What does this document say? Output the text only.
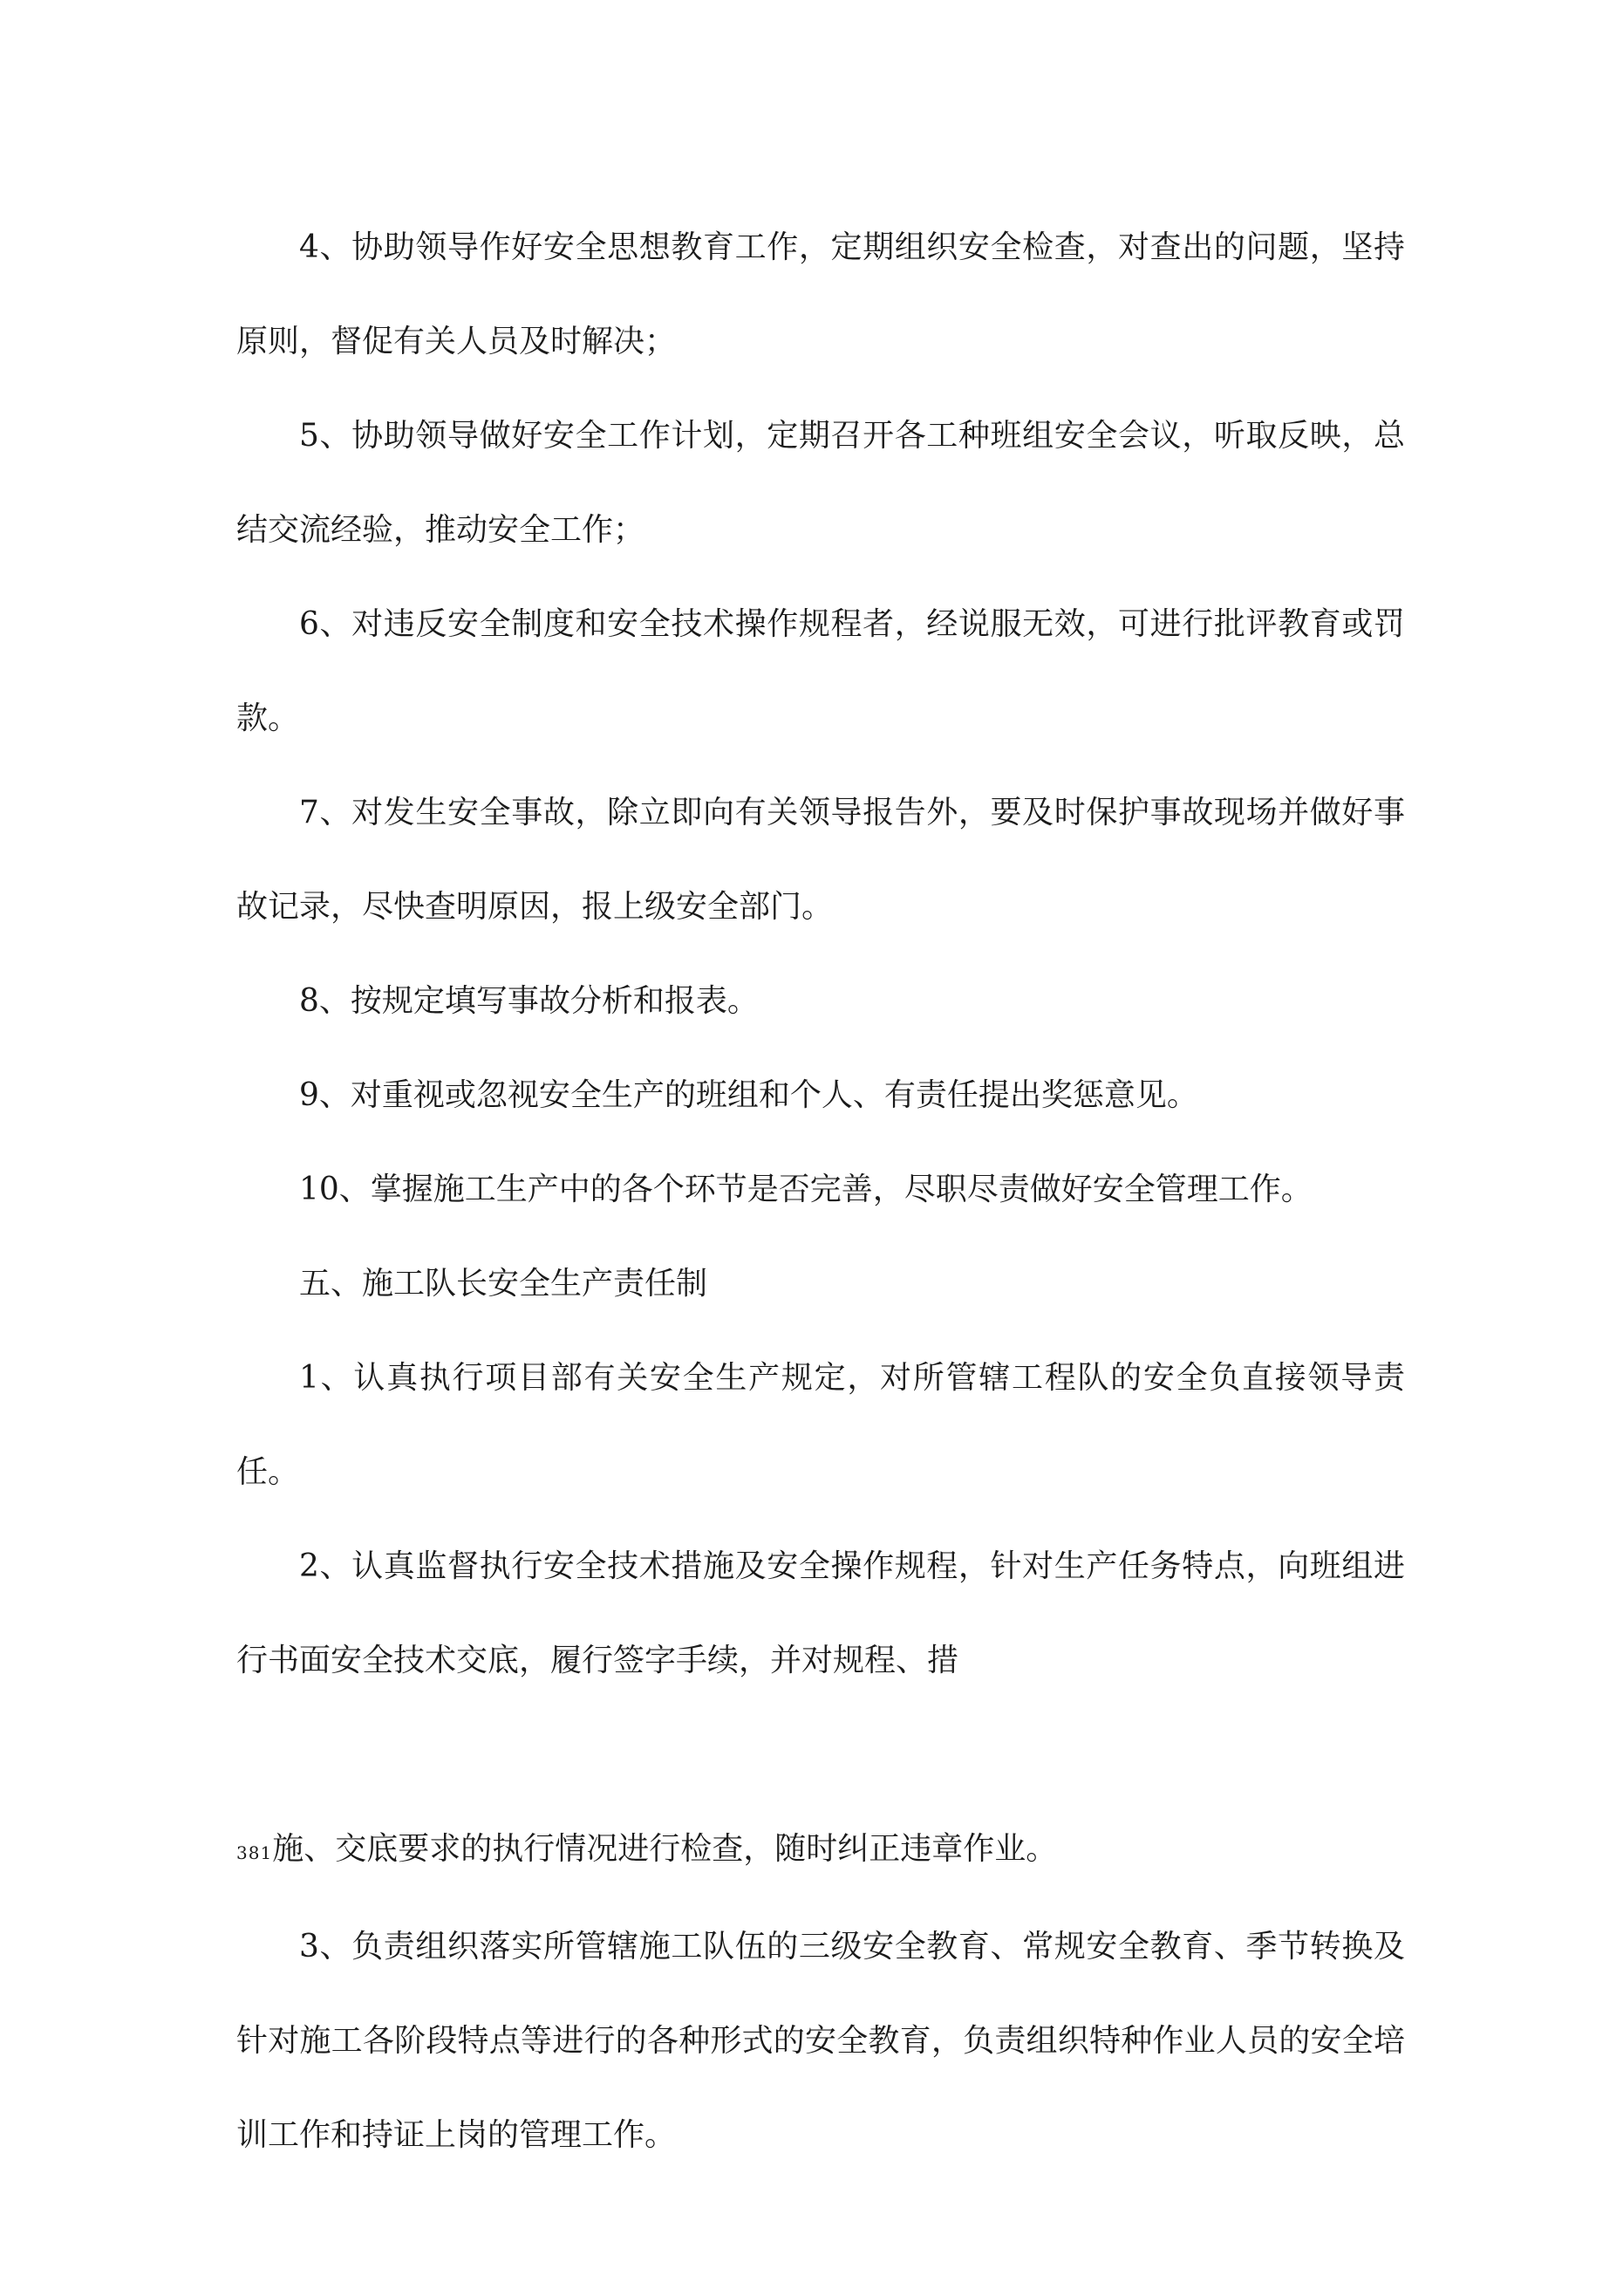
4、协助领导作好安全思想教育工作，定期组织安全检查，对查出的问题，坚持原则，督促有关人员及时解决；

5、协助领导做好安全工作计划，定期召开各工种班组安全会议，听取反映，总结交流经验，推动安全工作；

6、对违反安全制度和安全技术操作规程者，经说服无效，可进行批评教育或罚款。

7、对发生安全事故，除立即向有关领导报告外，要及时保护事故现场并做好事故记录，尽快查明原因，报上级安全部门。

8、按规定填写事故分析和报表。

9、对重视或忽视安全生产的班组和个人、有责任提出奖惩意见。

10、掌握施工生产中的各个环节是否完善，尽职尽责做好安全管理工作。

五、施工队长安全生产责任制

1、认真执行项目部有关安全生产规定，对所管辖工程队的安全负直接领导责任。

2、认真监督执行安全技术措施及安全操作规程，针对生产任务特点，向班组进行书面安全技术交底，履行签字手续，并对规程、措

381施、交底要求的执行情况进行检查，随时纠正违章作业。

3、负责组织落实所管辖施工队伍的三级安全教育、常规安全教育、季节转换及针对施工各阶段特点等进行的各种形式的安全教育，负责组织特种作业人员的安全培训工作和持证上岗的管理工作。
